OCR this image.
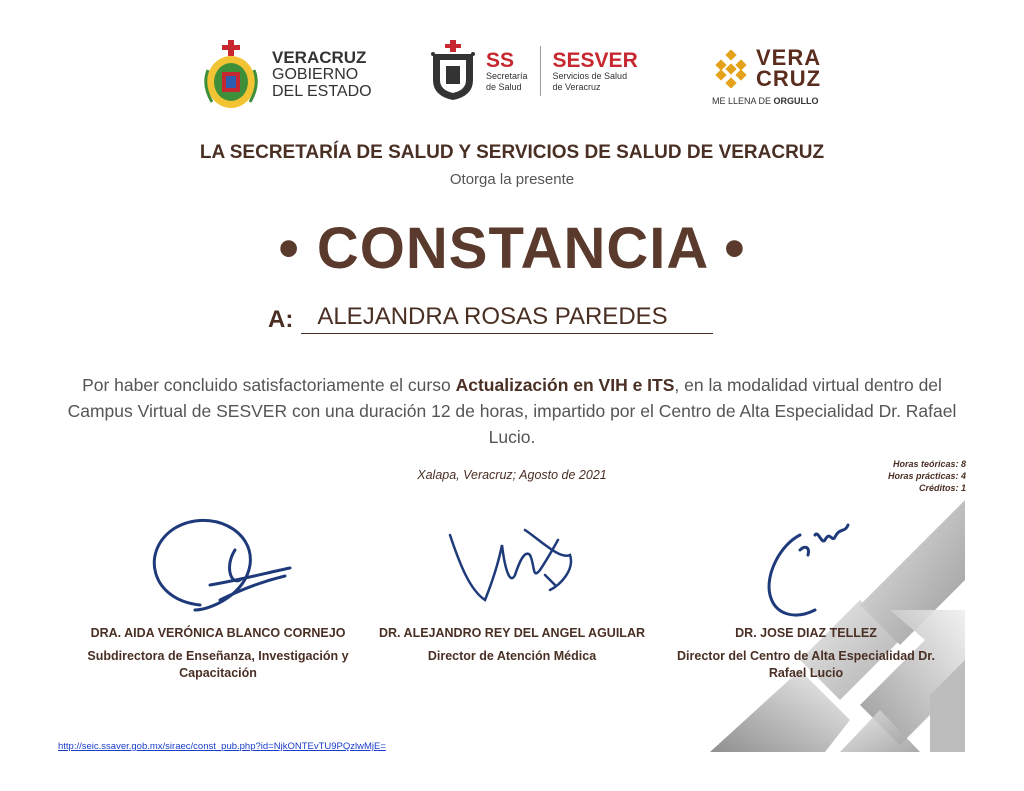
VERACRUZ
GOBIERNO
DEL ESTADO
SS
Secretaría
de Salud
SESVER
Servicios de Salud
de Veracruz
VERA
CRUZ
ME LLENA DE ORGULLO
LA SECRETARÍA DE SALUD Y SERVICIOS DE SALUD DE VERACRUZ
Otorga la presente
• CONSTANCIA •
A:	ALEJANDRA ROSAS PAREDES
Por haber concluido satisfactoriamente el curso Actualización en VIH e ITS, en la modalidad virtual dentro del Campus Virtual de SESVER con una duración 12 de horas, impartido por el Centro de Alta Especialidad Dr. Rafael Lucio.
Xalapa, Veracruz; Agosto de 2021
Horas teóricas: 8
Horas prácticas: 4
Créditos: 1
DRA. AIDA VERÓNICA BLANCO CORNEJO
Subdirectora de Enseñanza, Investigación y
Capacitación
DR. ALEJANDRO REY DEL ANGEL AGUILAR
Director de Atención Médica
DR. JOSE DIAZ TELLEZ
Director del Centro de Alta Especialidad Dr.
Rafael Lucio
http://seic.ssaver.gob.mx/siraec/const_pub.php?id=NjkONTEvTU9PQzlwMjE=
